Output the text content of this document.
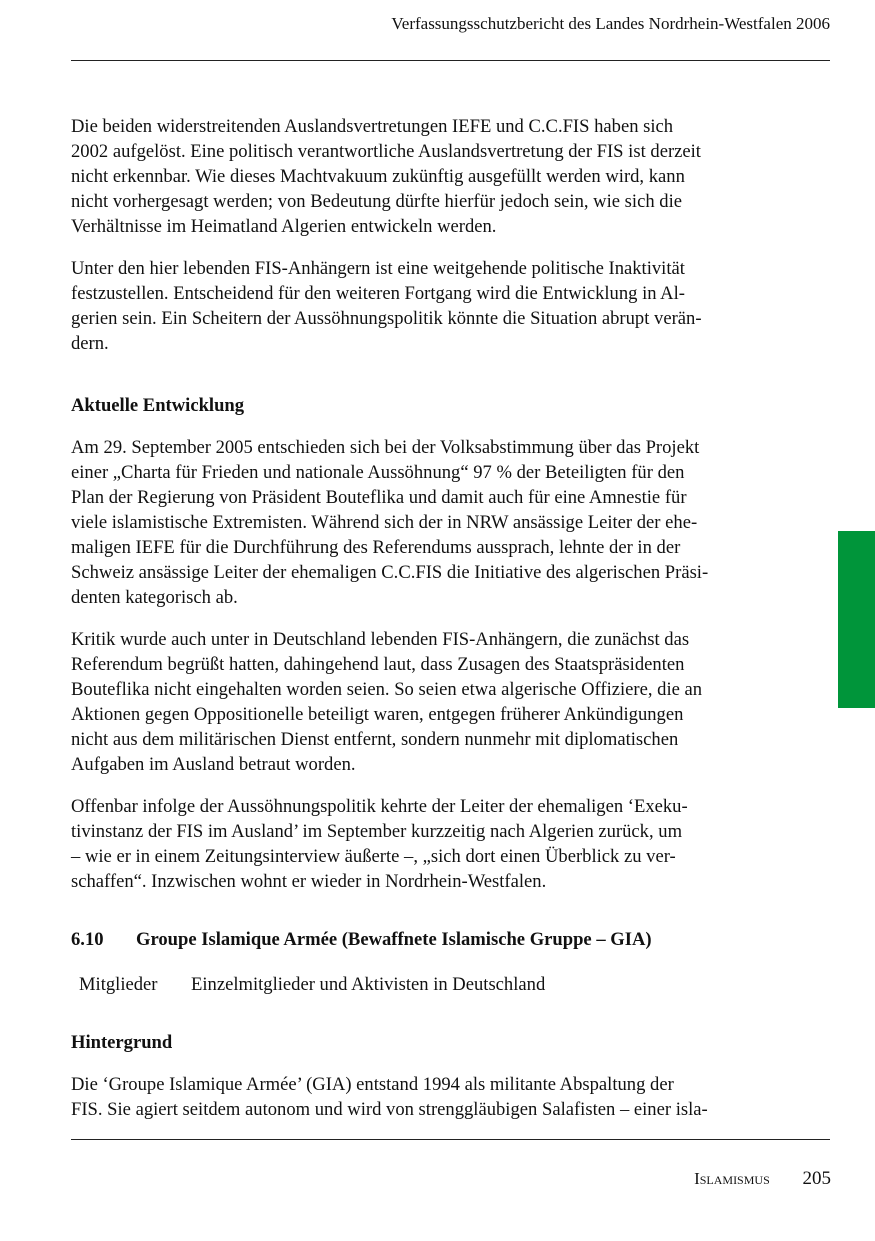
Verfassungsschutzbericht des Landes Nordrhein-Westfalen 2006

Die beiden widerstreitenden Auslandsvertretungen IEFE und C.C.FIS haben sich
2002 aufgelöst. Eine politisch verantwortliche Auslandsvertretung der FIS ist derzeit
nicht erkennbar. Wie dieses Machtvakuum zukünftig ausgefüllt werden wird, kann
nicht vorhergesagt werden; von Bedeutung dürfte hierfür jedoch sein, wie sich die
Verhältnisse im Heimatland Algerien entwickeln werden.

Unter den hier lebenden FIS-Anhängern ist eine weitgehende politische Inaktivität
festzustellen. Entscheidend für den weiteren Fortgang wird die Entwicklung in Al-
gerien sein. Ein Scheitern der Aussöhnungspolitik könnte die Situation abrupt verän-
dern.

Aktuelle Entwicklung

Am 29. September 2005 entschieden sich bei der Volksabstimmung über das Projekt
einer „Charta für Frieden und nationale Aussöhnung“ 97 % der Beteiligten für den
Plan der Regierung von Präsident Bouteflika und damit auch für eine Amnestie für
viele islamistische Extremisten. Während sich der in NRW ansässige Leiter der ehe-
maligen IEFE für die Durchführung des Referendums aussprach, lehnte der in der
Schweiz ansässige Leiter der ehemaligen C.C.FIS die Initiative des algerischen Präsi-
denten kategorisch ab.

Kritik wurde auch unter in Deutschland lebenden FIS-Anhängern, die zunächst das
Referendum begrüßt hatten, dahingehend laut, dass Zusagen des Staatspräsidenten
Bouteflika nicht eingehalten worden seien. So seien etwa algerische Offiziere, die an
Aktionen gegen Oppositionelle beteiligt waren, entgegen früherer Ankündigungen
nicht aus dem militärischen Dienst entfernt, sondern nunmehr mit diplomatischen
Aufgaben im Ausland betraut worden.

Offenbar infolge der Aussöhnungspolitik kehrte der Leiter der ehemaligen ‘Exeku-
tivinstanz der FIS im Ausland’ im September kurzzeitig nach Algerien zurück, um
– wie er in einem Zeitungsinterview äußerte –, „sich dort einen Überblick zu ver-
schaffen“. Inzwischen wohnt er wieder in Nordrhein-Westfalen.

6.10	Groupe Islamique Armée (Bewaffnete Islamische Gruppe – GIA)

Mitglieder	Einzelmitglieder und Aktivisten in Deutschland

Hintergrund

Die ‘Groupe Islamique Armée’ (GIA) entstand 1994 als militante Abspaltung der
FIS. Sie agiert seitdem autonom und wird von strenggläubigen Salafisten – einer isla-

Islamismus 205
